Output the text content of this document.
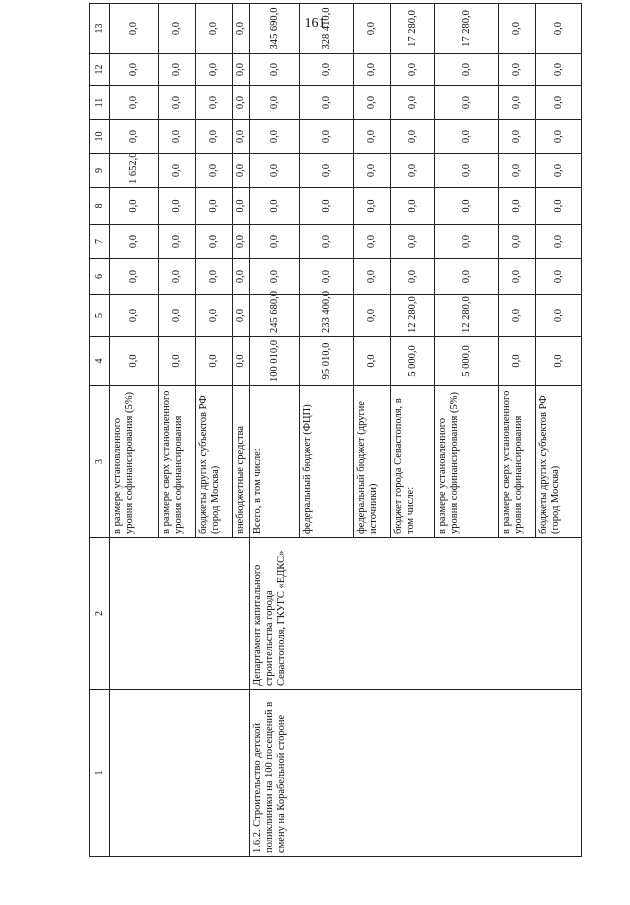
161
1	2	3	4	5	6	7	8	9	10	11	12	13
		в размере установленного уровня софинансирования (5%)	0,0	0,0	0,0	0,0	0,0	1 652,0	0,0	0,0	0,0	0,0
		в размере сверх установленного уровня софинансирования	0,0	0,0	0,0	0,0	0,0	0,0	0,0	0,0	0,0	0,0
		бюджеты других субъектов РФ (город Москва)	0,0	0,0	0,0	0,0	0,0	0,0	0,0	0,0	0,0	0,0
		внебюджетные средства	0,0	0,0	0,0	0,0	0,0	0,0	0,0	0,0	0,0	0,0
1.6.2. Строительство детской поликлиники на 100 посещений в смену на Корабельной стороне	Департамент капитального строительства города Севастополя, ГКУГС «ЕДКС»	Всего, в том числе:	100 010,0	245 680,0	0,0	0,0	0,0	0,0	0,0	0,0	0,0	345 690,0
		федеральный бюджет (ФЦП)	95 010,0	233 400,0	0,0	0,0	0,0	0,0	0,0	0,0	0,0	328 410,0
		федеральный бюджет (другие источники)	0,0	0,0	0,0	0,0	0,0	0,0	0,0	0,0	0,0	0,0
		бюджет города Севастополя, в том числе:	5 000,0	12 280,0	0,0	0,0	0,0	0,0	0,0	0,0	0,0	17 280,0
		в размере установленного уровня софинансирования (5%)	5 000,0	12 280,0	0,0	0,0	0,0	0,0	0,0	0,0	0,0	17 280,0
		в размере сверх установленного уровня софинансирования	0,0	0,0	0,0	0,0	0,0	0,0	0,0	0,0	0,0	0,0
		бюджеты других субъектов РФ (город Москва)	0,0	0,0	0,0	0,0	0,0	0,0	0,0	0,0	0,0	0,0
